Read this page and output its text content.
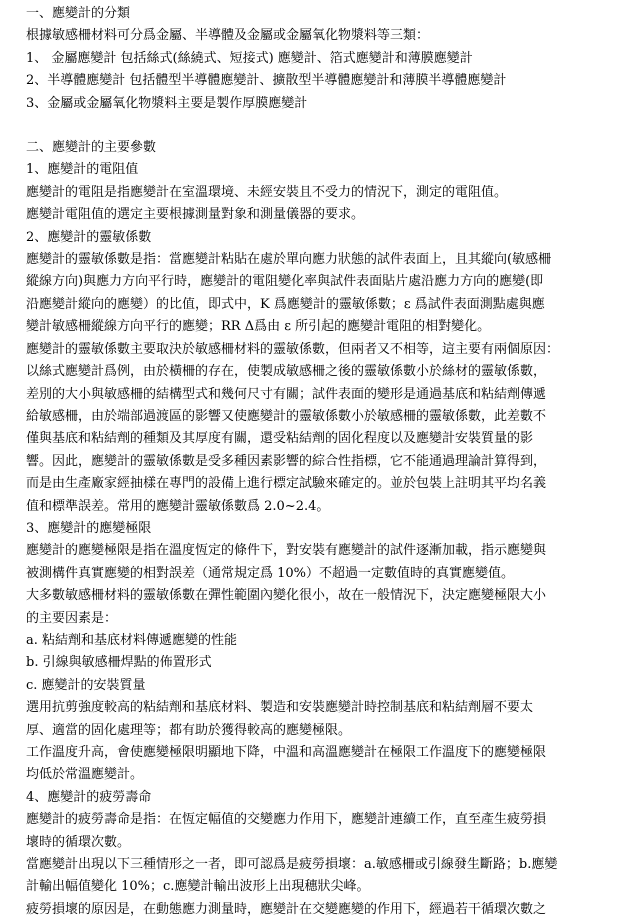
一、應變計的分類
根據敏感柵材料可分爲金屬、半導體及金屬或金屬氧化物漿料等三類：
1、 金屬應變計 包括絲式(絲繞式、短接式) 應變計、箔式應變計和薄膜應變計
2、半導體應變計 包括體型半導體應變計、擴散型半導體應變計和薄膜半導體應變計
3、金屬或金屬氧化物漿料主要是製作厚膜應變計
二、應變計的主要參數
1、應變計的電阻值
應變計的電阻是指應變計在室溫環境、未經安裝且不受力的情況下，測定的電阻值。
應變計電阻值的選定主要根據測量對象和測量儀器的要求。
2、應變計的靈敏係數
應變計的靈敏係數是指：當應變計粘貼在處於單向應力狀態的試件表面上，且其縱向(敏感柵
縱線方向)與應力方向平行時，應變計的電阻變化率與試件表面貼片處沿應力方向的應變(即
沿應變計縱向的應變）的比值，即式中，K 爲應變計的靈敏係數；ε 爲試件表面測點處與應
變計敏感柵縱線方向平行的應變；RR Δ爲由 ε 所引起的應變計電阻的相對變化。
應變計的靈敏係數主要取決於敏感柵材料的靈敏係數，但兩者又不相等，這主要有兩個原因：
以絲式應變計爲例，由於橫柵的存在，使製成敏感柵之後的靈敏係數小於絲材的靈敏係數，
差別的大小與敏感柵的結構型式和幾何尺寸有關；試件表面的變形是通過基底和粘結劑傳遞
給敏感柵，由於端部過渡區的影響又使應變計的靈敏係數小於敏感柵的靈敏係數，此差數不
僅與基底和粘結劑的種類及其厚度有關，還受粘結劑的固化程度以及應變計安裝質量的影
響。因此，應變計的靈敏係數是受多種因素影響的綜合性指標，它不能通過理論計算得到，
而是由生產廠家經抽樣在專門的設備上進行標定試驗來確定的。並於包裝上註明其平均名義
值和標準誤差。常用的應變計靈敏係數爲 2.0~2.4。
3、應變計的應變極限
應變計的應變極限是指在溫度恆定的條件下，對安裝有應變計的試件逐漸加載，指示應變與
被測構件真實應變的相對誤差（通常規定爲 10%）不超過一定數值時的真實應變值。
大多數敏感柵材料的靈敏係數在彈性範圍內變化很小，故在一般情況下，決定應變極限大小
的主要因素是：
a. 粘結劑和基底材料傳遞應變的性能
b. 引線與敏感柵焊點的佈置形式
c. 應變計的安裝質量
選用抗剪強度較高的粘結劑和基底材料、製造和安裝應變計時控制基底和粘結劑層不要太
厚、適當的固化處理等；都有助於獲得較高的應變極限。
工作溫度升高，會使應變極限明顯地下降，中溫和高溫應變計在極限工作溫度下的應變極限
均低於常溫應變計。
4、應變計的疲勞壽命
應變計的疲勞壽命是指：在恆定幅值的交變應力作用下，應變計連續工作，直至產生疲勞損
壞時的循環次數。
當應變計出現以下三種情形之一者，即可認爲是疲勞損壞：a.敏感柵或引線發生斷路；b.應變
計輸出幅值變化 10%；c.應變計輸出波形上出現穗狀尖峰。
疲勞損壞的原因是，在動態應力測量時，應變計在交變應變的作用下，經過若干循環次數之
